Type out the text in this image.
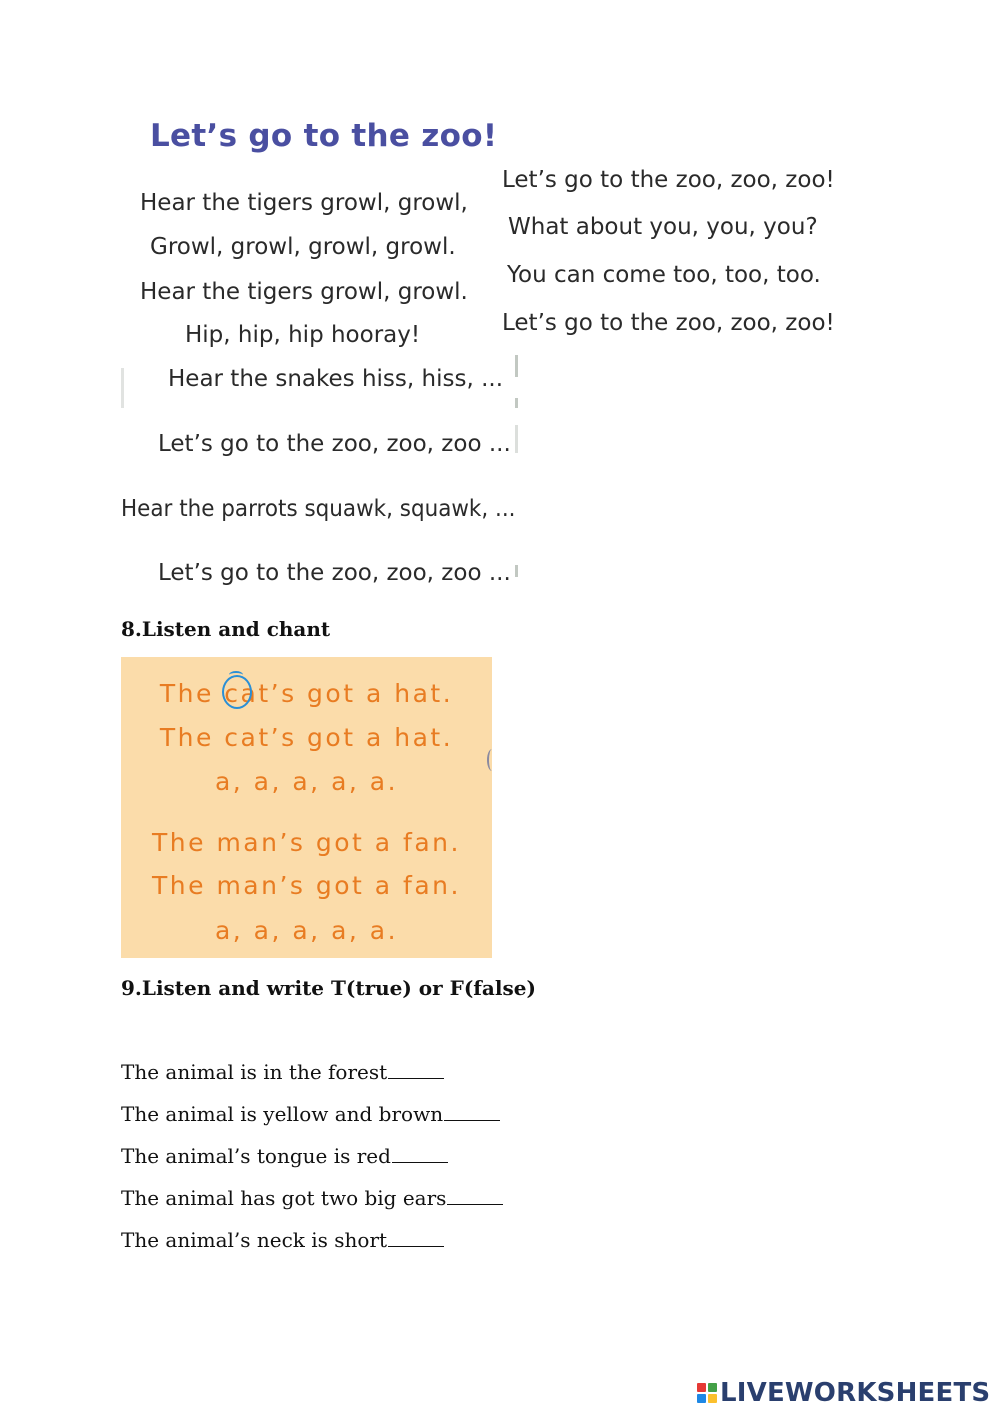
Let’s go to the zoo!
Hear the tigers growl, growl,
Growl, growl, growl, growl.
Hear the tigers growl, growl.
Hip, hip, hip hooray!
Hear the snakes hiss, hiss, ...
Let’s go to the zoo, zoo, zoo ...
Hear the parrots squawk, squawk, ...
Let’s go to the zoo, zoo, zoo ...
Let’s go to the zoo, zoo, zoo!
What about you, you, you?
You can come too, too, too.
Let’s go to the zoo, zoo, zoo!
8.Listen and chant
The cat’s got a hat.
The cat’s got a hat.
a, a, a, a, a.
The man’s got a fan.
The man’s got a fan.
a, a, a, a, a.
9.Listen and write T(true) or F(false)
The animal is in the forest
The animal is yellow and brown
The animal’s tongue is red
The animal has got two big ears
The animal’s neck is short
LIVEWORKSHEETS
